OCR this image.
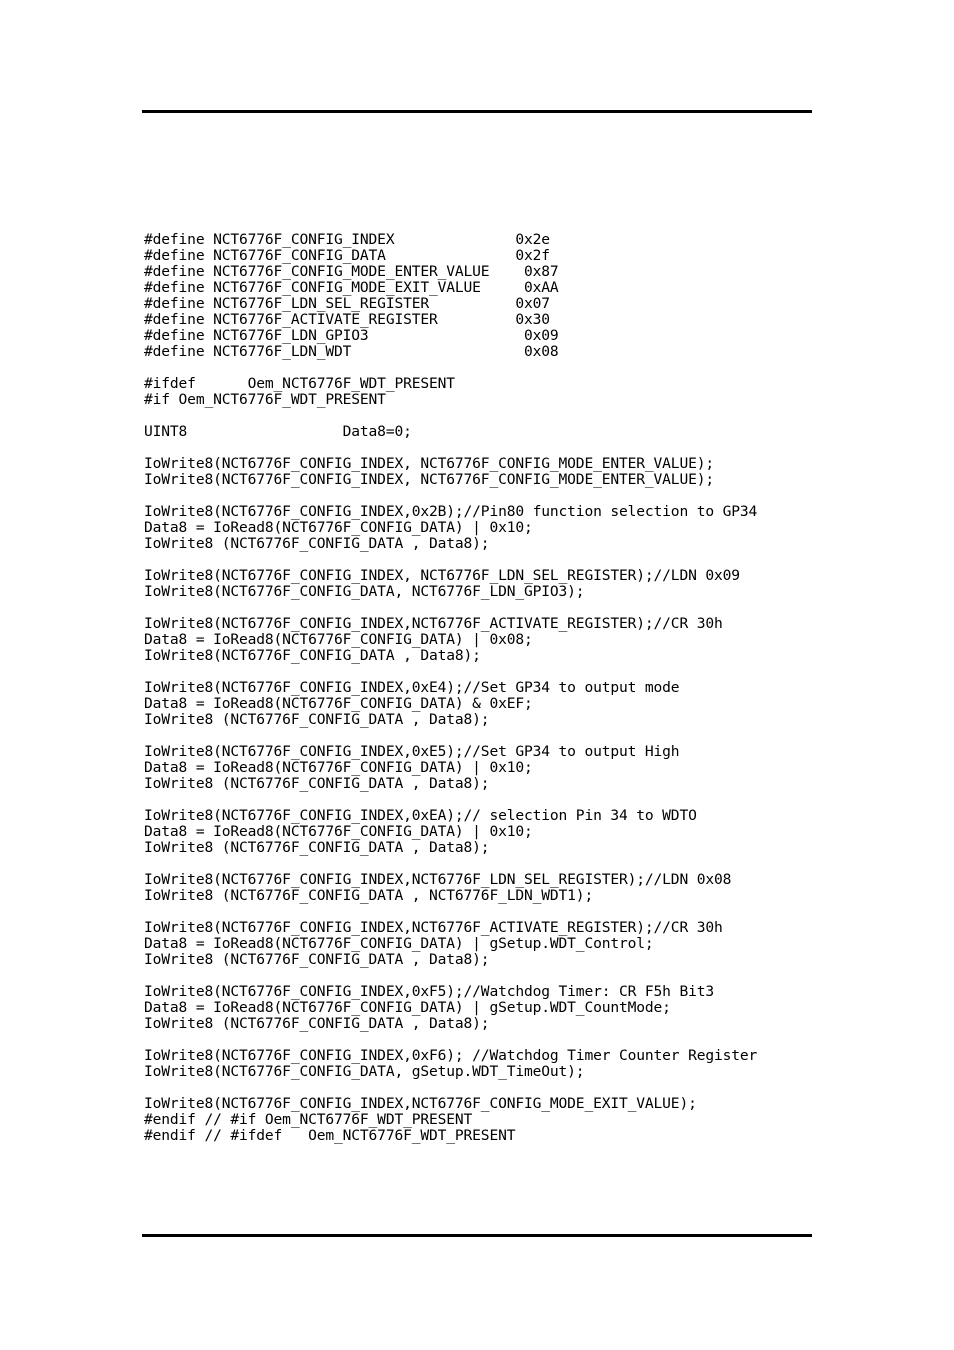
#define NCT6776F_CONFIG_INDEX              0x2e
#define NCT6776F_CONFIG_DATA               0x2f
#define NCT6776F_CONFIG_MODE_ENTER_VALUE    0x87
#define NCT6776F_CONFIG_MODE_EXIT_VALUE     0xAA
#define NCT6776F_LDN_SEL_REGISTER          0x07
#define NCT6776F_ACTIVATE_REGISTER         0x30
#define NCT6776F_LDN_GPIO3                  0x09
#define NCT6776F_LDN_WDT                    0x08
#ifdef      Oem_NCT6776F_WDT_PRESENT
#if Oem_NCT6776F_WDT_PRESENT
UINT8                  Data8=0;
IoWrite8(NCT6776F_CONFIG_INDEX, NCT6776F_CONFIG_MODE_ENTER_VALUE);
IoWrite8(NCT6776F_CONFIG_INDEX, NCT6776F_CONFIG_MODE_ENTER_VALUE);
IoWrite8(NCT6776F_CONFIG_INDEX,0x2B);//Pin80 function selection to GP34
Data8 = IoRead8(NCT6776F_CONFIG_DATA) | 0x10;
IoWrite8 (NCT6776F_CONFIG_DATA , Data8);
IoWrite8(NCT6776F_CONFIG_INDEX, NCT6776F_LDN_SEL_REGISTER);//LDN 0x09
IoWrite8(NCT6776F_CONFIG_DATA, NCT6776F_LDN_GPIO3);
IoWrite8(NCT6776F_CONFIG_INDEX,NCT6776F_ACTIVATE_REGISTER);//CR 30h
Data8 = IoRead8(NCT6776F_CONFIG_DATA) | 0x08;
IoWrite8(NCT6776F_CONFIG_DATA , Data8);
IoWrite8(NCT6776F_CONFIG_INDEX,0xE4);//Set GP34 to output mode
Data8 = IoRead8(NCT6776F_CONFIG_DATA) & 0xEF;
IoWrite8 (NCT6776F_CONFIG_DATA , Data8);
IoWrite8(NCT6776F_CONFIG_INDEX,0xE5);//Set GP34 to output High
Data8 = IoRead8(NCT6776F_CONFIG_DATA) | 0x10;
IoWrite8 (NCT6776F_CONFIG_DATA , Data8);
IoWrite8(NCT6776F_CONFIG_INDEX,0xEA);// selection Pin 34 to WDTO
Data8 = IoRead8(NCT6776F_CONFIG_DATA) | 0x10;
IoWrite8 (NCT6776F_CONFIG_DATA , Data8);
IoWrite8(NCT6776F_CONFIG_INDEX,NCT6776F_LDN_SEL_REGISTER);//LDN 0x08
IoWrite8 (NCT6776F_CONFIG_DATA , NCT6776F_LDN_WDT1);
IoWrite8(NCT6776F_CONFIG_INDEX,NCT6776F_ACTIVATE_REGISTER);//CR 30h
Data8 = IoRead8(NCT6776F_CONFIG_DATA) | gSetup.WDT_Control;
IoWrite8 (NCT6776F_CONFIG_DATA , Data8);
IoWrite8(NCT6776F_CONFIG_INDEX,0xF5);//Watchdog Timer: CR F5h Bit3
Data8 = IoRead8(NCT6776F_CONFIG_DATA) | gSetup.WDT_CountMode;
IoWrite8 (NCT6776F_CONFIG_DATA , Data8);
IoWrite8(NCT6776F_CONFIG_INDEX,0xF6); //Watchdog Timer Counter Register
IoWrite8(NCT6776F_CONFIG_DATA, gSetup.WDT_TimeOut);
IoWrite8(NCT6776F_CONFIG_INDEX,NCT6776F_CONFIG_MODE_EXIT_VALUE);
#endif // #if Oem_NCT6776F_WDT_PRESENT
#endif // #ifdef   Oem_NCT6776F_WDT_PRESENT
